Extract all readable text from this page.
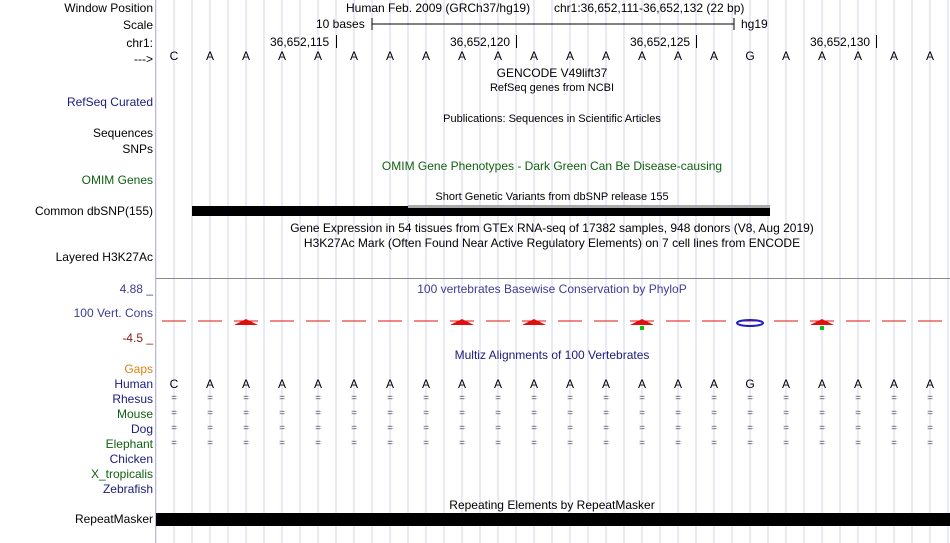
Window Position	Human Feb. 2009 (GRCh37/hg19) chr1:36,652,111-36,652,132 (22 bp)
Scale	10 bases	hg19
chr1:	36,652,115	36,652,120	36,652,125	36,652,130
--->
GENCODE V49lift37
RefSeq genes from NCBI
RefSeq Curated
Publications: Sequences in Scientific Articles
Sequences
SNPs
OMIM Gene Phenotypes - Dark Green Can Be Disease-causing
OMIM Genes
Short Genetic Variants from dbSNP release 155
Common dbSNP(155)
Gene Expression in 54 tissues from GTEx RNA-seq of 17382 samples, 948 donors (V8, Aug 2019)
H3K27Ac Mark (Often Found Near Active Regulatory Elements) on 7 cell lines from ENCODE
Layered H3K27Ac
100 vertebrates Basewise Conservation by PhyloP
4.88 _
100 Vert. Cons
-4.5 _
Multiz Alignments of 100 Vertebrates
Gaps
Repeating Elements by RepeatMasker
RepeatMasker
C	A	A	A	A	A	A	A	A	A	A	A	A	A	A	A	G	A	A	A	A	A
Human	C	A	A	A	A	A	A	A	A	A	A	A	A	A	A	A	G	A	A	A	A	A
Rhesus	=	=	=	=	=	=	=	=	=	=	=	=	=	=	=	=	=	=	=	=	=	=
Mouse	=	=	=	=	=	=	=	=	=	=	=	=	=	=	=	=	=	=	=	=	=	=
Dog	=	=	=	=	=	=	=	=	=	=	=	=	=	=	=	=	=	=	=	=	=	=
Elephant	=	=	=	=	=	=	=	=	=	=	=	=	=	=	=	=	=	=	=	=	=	=
Chicken
X_tropicalis
Zebrafish
